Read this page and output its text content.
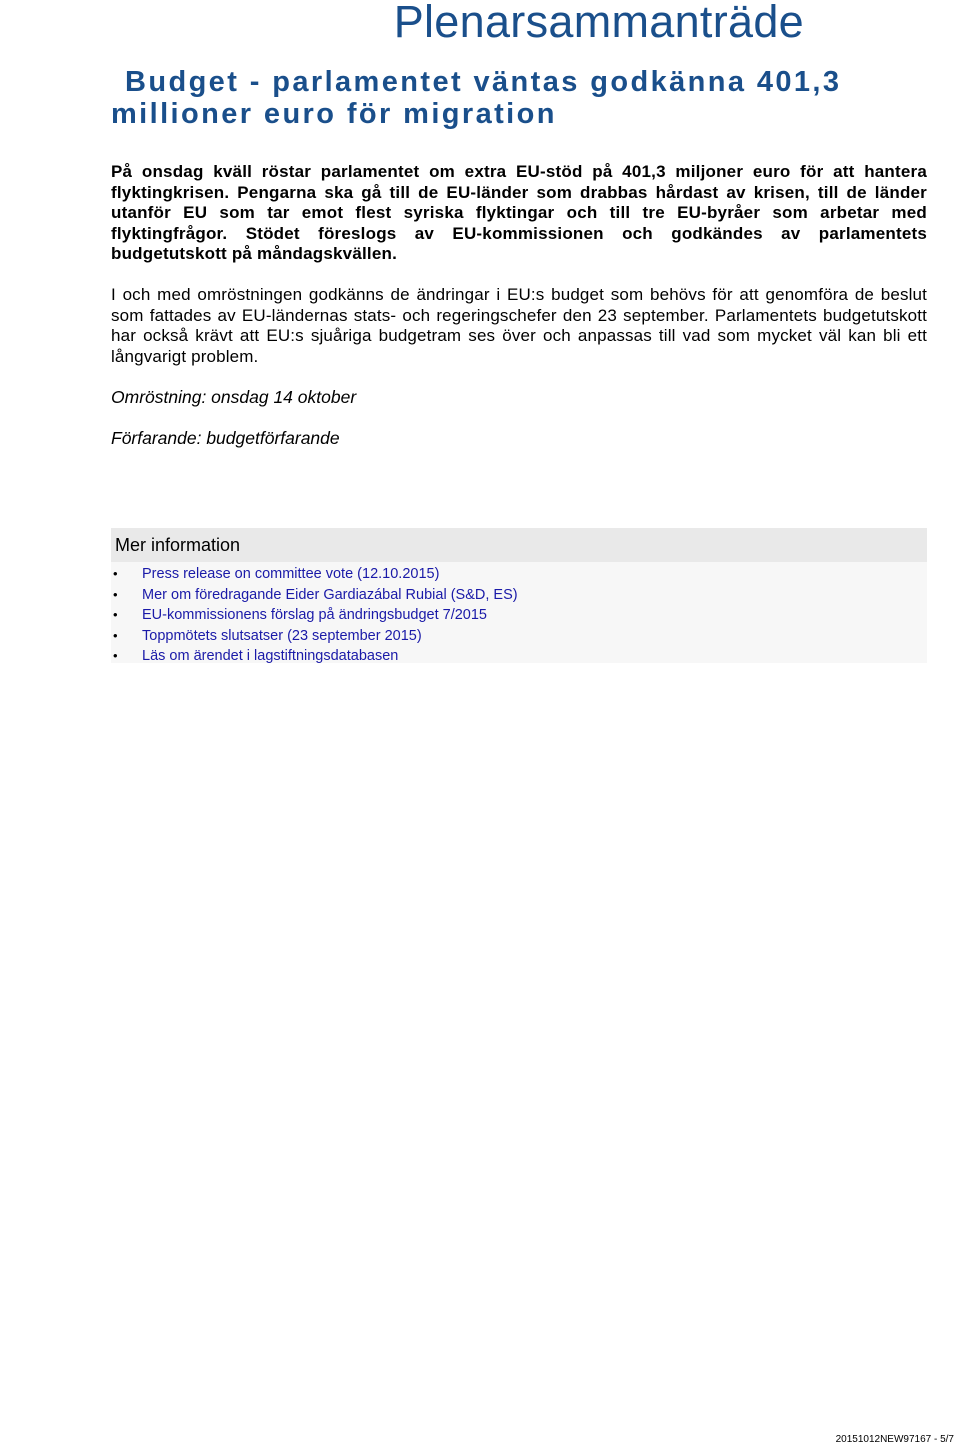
Plenarsammanträde
Budget - parlamentet väntas godkänna 401,3 millioner euro för migration

På onsdag kväll röstar parlamentet om extra EU-stöd på 401,3 miljoner euro för att hantera flyktingkrisen. Pengarna ska gå till de EU-länder som drabbas hårdast av krisen, till de länder utanför EU som tar emot flest syriska flyktingar och till tre EU-byråer som arbetar med flyktingfrågor. Stödet föreslogs av EU-kommissionen och godkändes av parlamentets budgetutskott på måndagskvällen.

I och med omröstningen godkänns de ändringar i EU:s budget som behövs för att genomföra de beslut som fattades av EU-ländernas stats- och regeringschefer den 23 september. Parlamentets budgetutskott har också krävt att EU:s sjuåriga budgetram ses över och anpassas till vad som mycket väl kan bli ett långvarigt problem.

Omröstning: onsdag 14 oktober

Förfarande: budgetförfarande

Mer information
• Press release on committee vote (12.10.2015)
• Mer om föredragande Eider Gardiazábal Rubial (S&D, ES)
• EU-kommissionens förslag på ändringsbudget 7/2015
• Toppmötets slutsatser (23 september 2015)
• Läs om ärendet i lagstiftningsdatabasen

20151012NEW97167 - 5/7
